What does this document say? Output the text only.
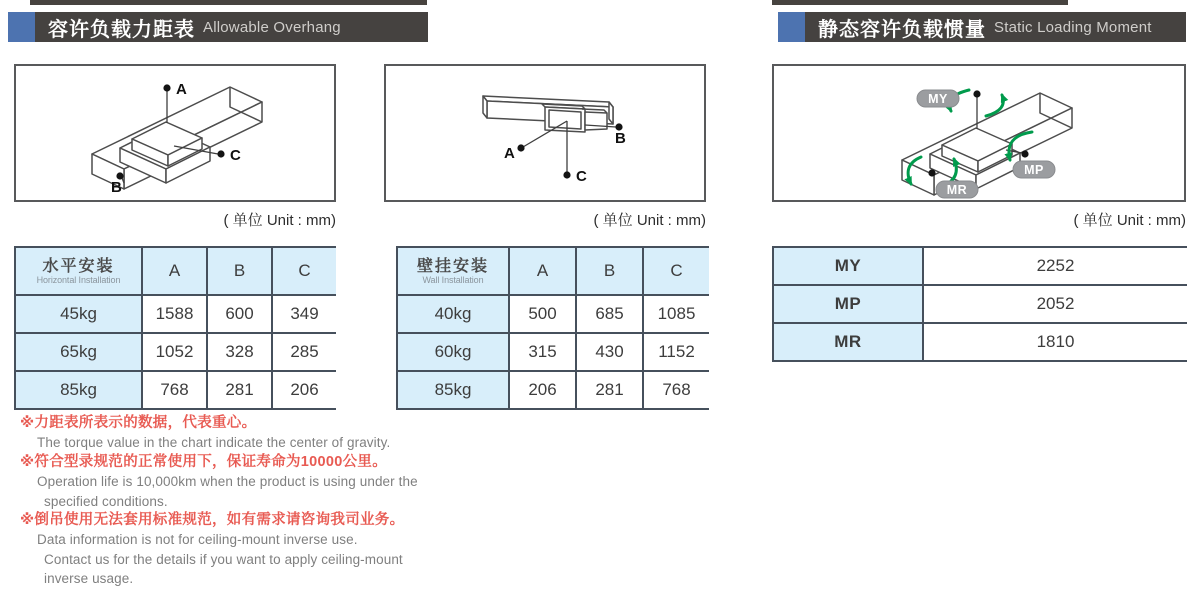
容许负载力距表 Allowable Overhang	静态容许负载惯量 Static Loading Moment
A
C
B
A
C
B
MY
MP
MR
( 单位 Unit : mm)	( 单位 Unit : mm)	( 单位 Unit : mm)
水平安装
Horizontal Installation	A	B	C
45kg	1588	600	349
65kg	1052	328	285
85kg	768	281	206
壁挂安装
Wall Installation	A	B	C
40kg	500	685	1085
60kg	315	430	1152
85kg	206	281	768
MY	2252
MP	2052
MR	1810
※力距表所表示的数据，代表重心。
The torque value in the chart indicate the center of gravity.
※符合型录规范的正常使用下，保证寿命为10000公里。
Operation life is 10,000km when the product is using under the
specified conditions.
※倒吊使用无法套用标准规范，如有需求请咨询我司业务。
Data information is not for ceiling-mount inverse use.
Contact us for the details if you want to apply ceiling-mount
inverse usage.
